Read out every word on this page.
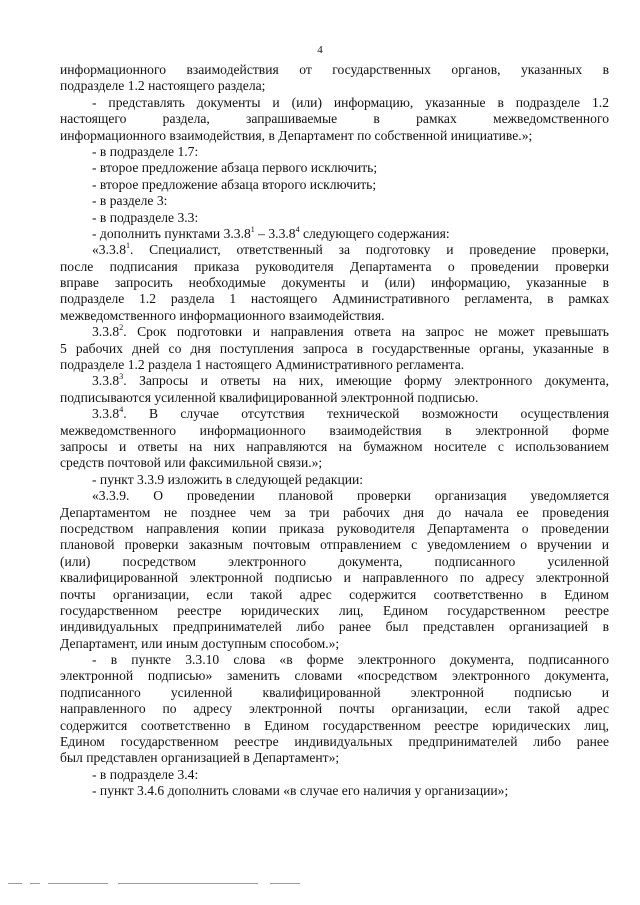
4
информационного взаимодействия от государственных органов, указанных в
подразделе 1.2 настоящего раздела;
- представлять документы и (или) информацию, указанные в подразделе 1.2
настоящего раздела, запрашиваемые в рамках межведомственного
информационного взаимодействия, в Департамент по собственной инициативе.»;
- в подразделе 1.7:
- второе предложение абзаца первого исключить;
- второе предложение абзаца второго исключить;
- в разделе 3:
- в подразделе 3.3:
- дополнить пунктами 3.3.8$^1$ – 3.3.8$^4$ следующего содержания:
«3.3.8$^1$. Специалист, ответственный за подготовку и проведение проверки,
после подписания приказа руководителя Департамента о проведении проверки
вправе запросить необходимые документы и (или) информацию, указанные в
подразделе 1.2 раздела 1 настоящего Административного регламента, в рамках
межведомственного информационного взаимодействия.
3.3.8$^2$. Срок подготовки и направления ответа на запрос не может превышать
5 рабочих дней со дня поступления запроса в государственные органы, указанные в
подразделе 1.2 раздела 1 настоящего Административного регламента.
3.3.8$^3$. Запросы и ответы на них, имеющие форму электронного документа,
подписываются усиленной квалифицированной электронной подписью.
3.3.8$^4$. В случае отсутствия технической возможности осуществления
межведомственного информационного взаимодействия в электронной форме
запросы и ответы на них направляются на бумажном носителе с использованием
средств почтовой или факсимильной связи.»;
- пункт 3.3.9 изложить в следующей редакции:
«3.3.9. О проведении плановой проверки организация уведомляется
Департаментом не позднее чем за три рабочих дня до начала ее проведения
посредством направления копии приказа руководителя Департамента о проведении
плановой проверки заказным почтовым отправлением с уведомлением о вручении и
(или) посредством электронного документа, подписанного усиленной
квалифицированной электронной подписью и направленного по адресу электронной
почты организации, если такой адрес содержится соответственно в Едином
государственном реестре юридических лиц, Едином государственном реестре
индивидуальных предпринимателей либо ранее был представлен организацией в
Департамент, или иным доступным способом.»;
- в пункте 3.3.10 слова «в форме электронного документа, подписанного
электронной подписью» заменить словами «посредством электронного документа,
подписанного усиленной квалифицированной электронной подписью и
направленного по адресу электронной почты организации, если такой адрес
содержится соответственно в Едином государственном реестре юридических лиц,
Едином государственном реестре индивидуальных предпринимателей либо ранее
был представлен организацией в Департамент»;
- в подразделе 3.4:
- пункт 3.4.6 дополнить словами «в случае его наличия у организации»;
